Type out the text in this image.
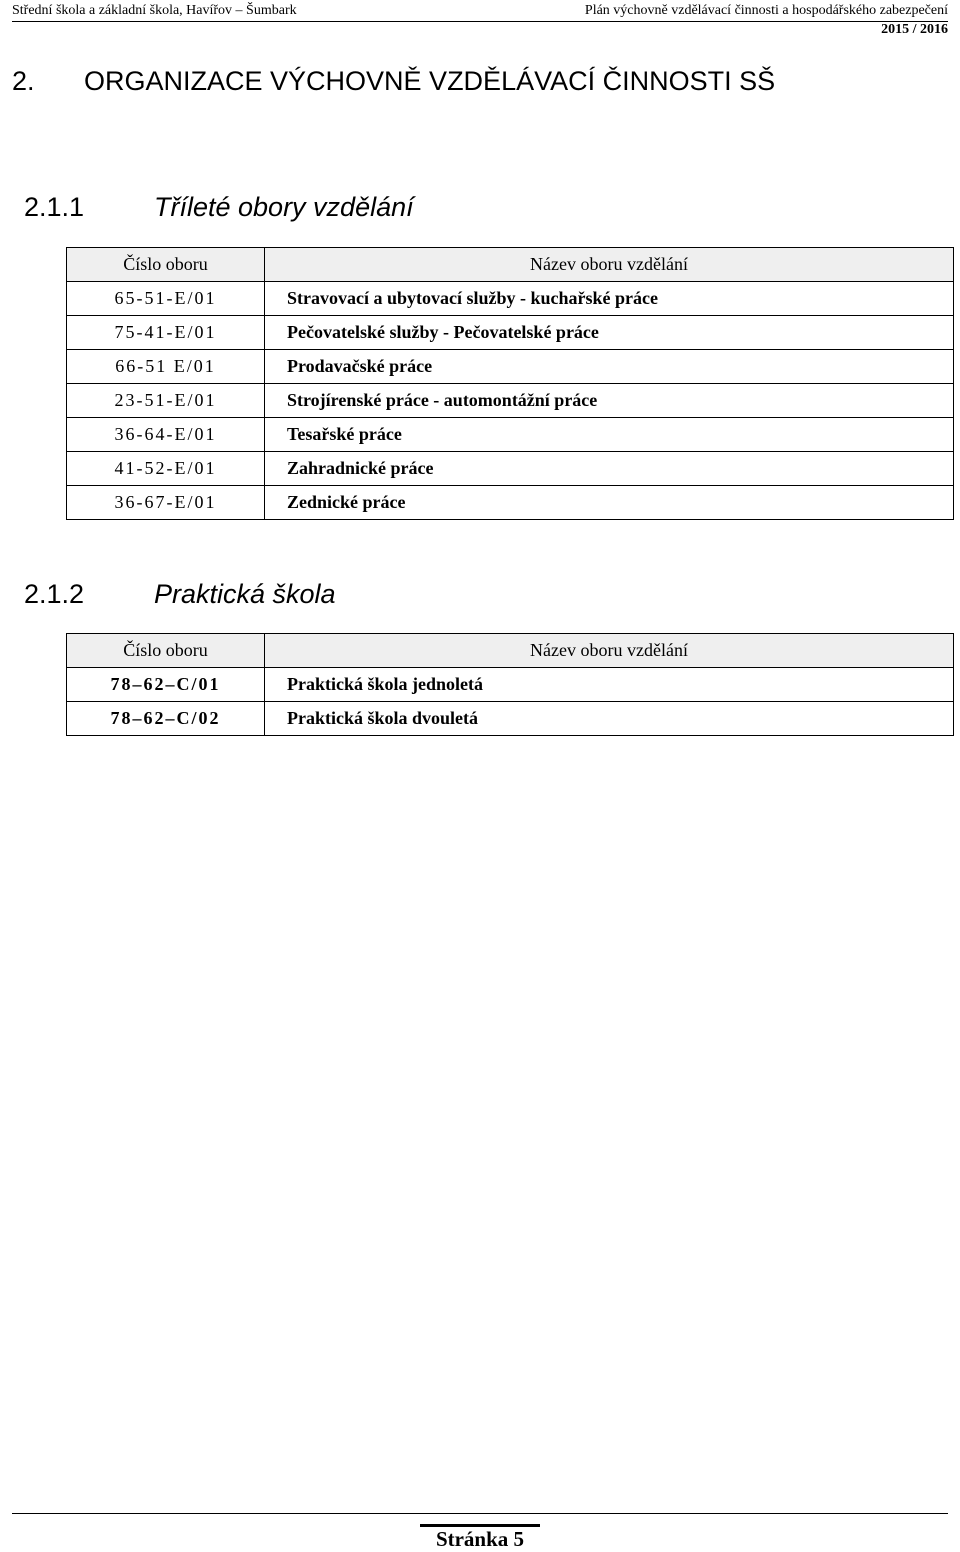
Střední škola a základní škola, Havířov – Šumbark	Plán výchovně vzdělávací činnosti a hospodářského zabezpečení
2015 / 2016
2. ORGANIZACE VÝCHOVNĚ VZDĚLÁVACÍ ČINNOSTI SŠ
2.1.1	Tříleté obory vzdělání
Číslo oboru	Název oboru vzdělání
65-51-E/01	Stravovací a ubytovací služby - kuchařské práce
75-41-E/01	Pečovatelské služby - Pečovatelské práce
66-51 E/01	Prodavačské práce
23-51-E/01	Strojírenské práce - automontážní práce
36-64-E/01	Tesařské práce
41-52-E/01	Zahradnické práce
36-67-E/01	Zednické práce
2.1.2	Praktická škola
Číslo oboru	Název oboru vzdělání
78–62–C/01	Praktická škola jednoletá
78–62–C/02	Praktická škola dvouletá
Stránka 5
